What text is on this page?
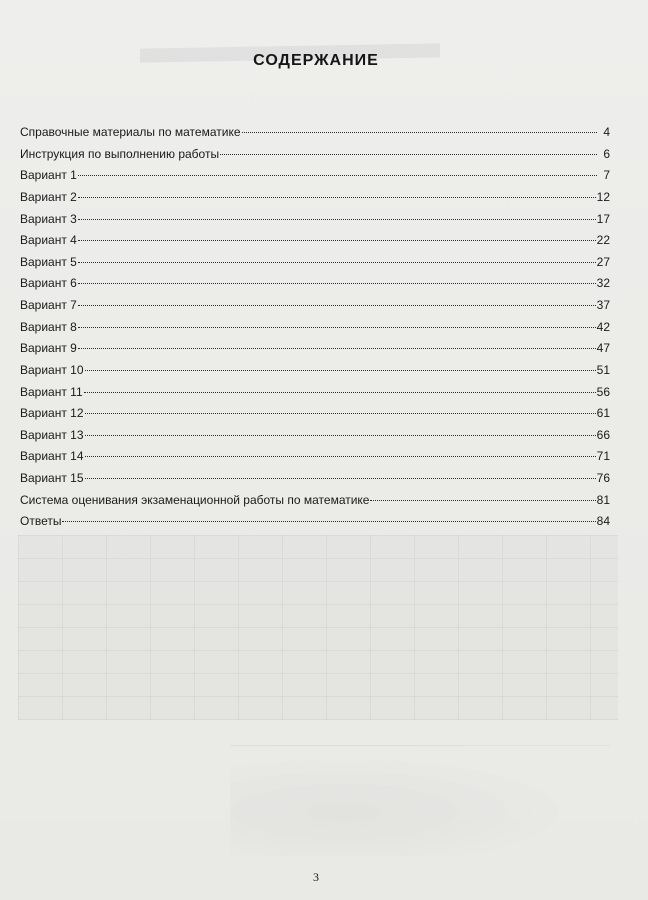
СОДЕРЖАНИЕ
Справочные материалы по математике	4
Инструкция по выполнению работы	6
Вариант 1	7
Вариант 2	12
Вариант 3	17
Вариант 4	22
Вариант 5	27
Вариант 6	32
Вариант 7	37
Вариант 8	42
Вариант 9	47
Вариант 10	51
Вариант 11	56
Вариант 12	61
Вариант 13	66
Вариант 14	71
Вариант 15	76
Система оценивания экзаменационной работы по математике	81
Ответы	84
3
